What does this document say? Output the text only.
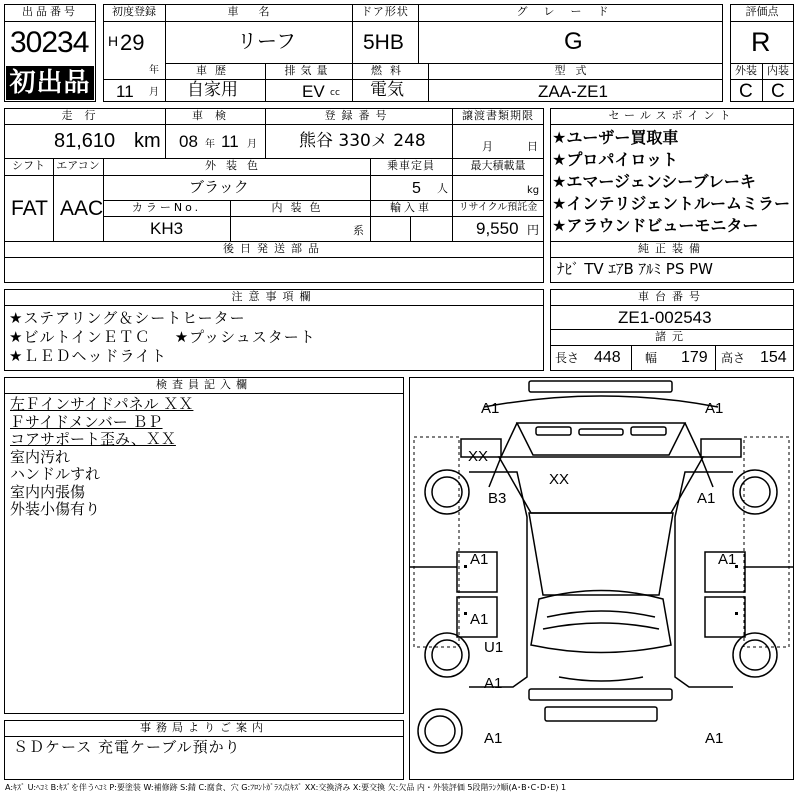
出品番号
30234
初出品
初度登録
H 29
年
11 月
車名
リーフ
ドア形状
5HB
グレード
G
車歴
自家用
排気量
EV cc
燃料
電気
型式
ZAA-ZE1
評価点
R
外装 内装
C C
走行
81,610 km
車検
08 年 11 月
登録番号
熊谷 330メ 248
譲渡書類期限
月	日
シフト
FAT
エアコン
AAC
外装色
ブラック
乗車定員
5 人
最大積載量
kg
カラーNo.
KH3
内装色
系
輸入車	リサイクル預託金
9,550 円
後日発送部品
セールスポイント
★ユーザー買取車
★プロパイロット
★エマージェンシーブレーキ
★インテリジェントルームミラー
★アラウンドビューモニター
純正装備
ﾅﾋﾞ TV ｴｱB ｱﾙﾐ PS PW
注意事項欄
★ステアリング＆シートヒーター
★ビルトインＥＴＣ ★プッシュスタート
★ＬＥＤヘッドライト
車台番号
ZE1-002543
諸元
長さ 448 幅 179 高さ 154
検査員記入欄
左Ｆインサイドパネル ＸＸ
Ｆサイドメンバー ＢＰ
コアサポート歪み、ＸＸ
室内汚れ
ハンドルすれ
室内内張傷
外装小傷有り
事務局よりご案内
ＳＤケース 充電ケーブル預かり
A1	A1
XX
XX
B3	A1
A1	A1
A1
U1
A1
A1	A1
A:ｷｽﾞ U:ﾍｺﾐ B:ｷｽﾞを伴うﾍｺﾐ P:要塗装 W:補修跡 S:錆 C:腐食、穴 G:ﾌﾛﾝﾄｶﾞﾗｽ点ｷｽﾞ XX:交換済み X:要交換 欠:欠品 内・外装評価 5段階ﾗﾝｸ順(A･B･C･D･E) 1
